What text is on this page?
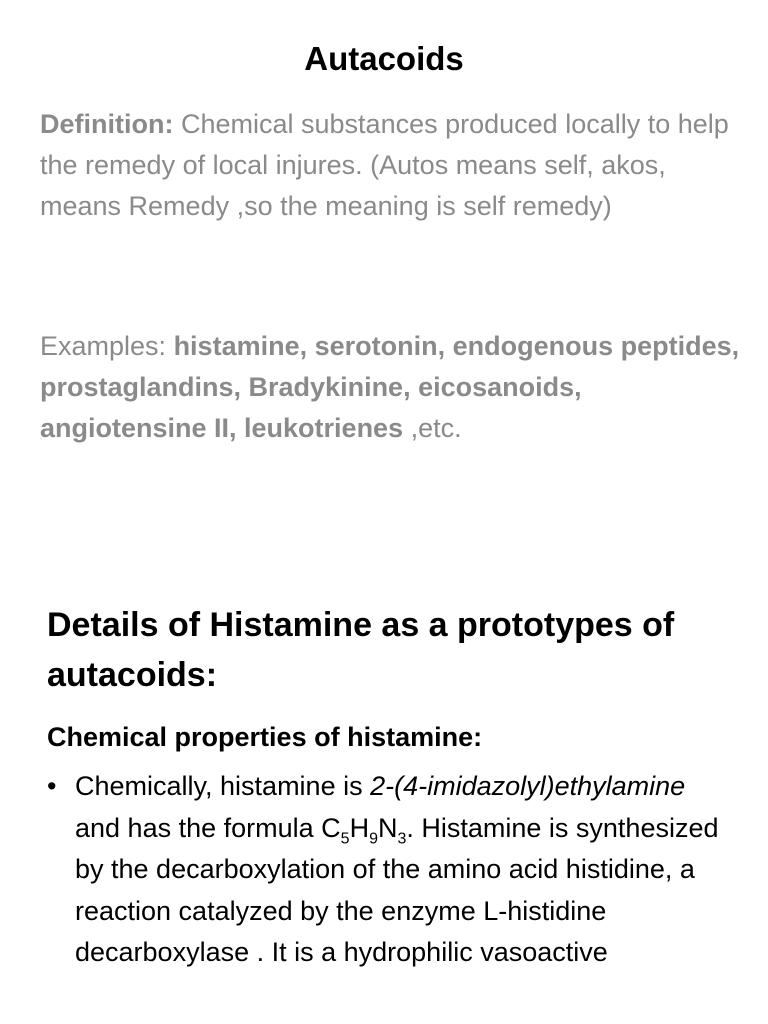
Autacoids

Definition: Chemical substances produced locally to help the remedy of local injures. (Autos means self, akos, means Remedy ,so the meaning is self remedy)

Examples: histamine, serotonin, endogenous peptides, prostaglandins, Bradykinine, eicosanoids, angiotensine II, leukotrienes ,etc.

Details of Histamine as a prototypes of autacoids:
Chemical properties of histamine:
• Chemically, histamine is 2-(4-imidazolyl)ethylamine and has the formula $C_5H_9N_3$. Histamine is synthesized by the decarboxylation of the amino acid histidine, a reaction catalyzed by the enzyme L-histidine decarboxylase . It is a hydrophilic vasoactive
